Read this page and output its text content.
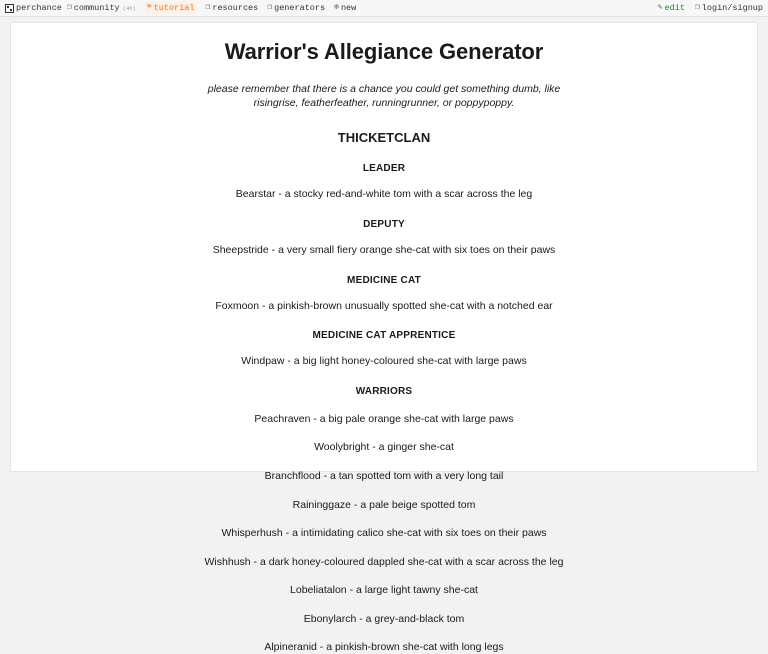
perchance ❐ community (4h) ⚑ tutorial ❐ resources ❐ generators ⊕ new	✎ edit ❐ login/signup
Warrior's Allegiance Generator
please remember that there is a chance you could get something dumb, like risingrise, featherfeather, runningrunner, or poppypoppy.
THICKETCLAN
LEADER
Bearstar - a stocky red-and-white tom with a scar across the leg
DEPUTY
Sheepstride - a very small fiery orange she-cat with six toes on their paws
MEDICINE CAT
Foxmoon - a pinkish-brown unusually spotted she-cat with a notched ear
MEDICINE CAT APPRENTICE
Windpaw - a big light honey-coloured she-cat with large paws
WARRIORS
Peachraven - a big pale orange she-cat with large paws
Woolybright - a ginger she-cat
Branchflood - a tan spotted tom with a very long tail
Raininggaze - a pale beige spotted tom
Whisperhush - a intimidating calico she-cat with six toes on their paws
Wishhush - a dark honey-coloured dappled she-cat with a scar across the leg
Lobeliatalon - a large light tawny she-cat
Ebonylarch - a grey-and-black tom
Alpineranid - a pinkish-brown she-cat with long legs
